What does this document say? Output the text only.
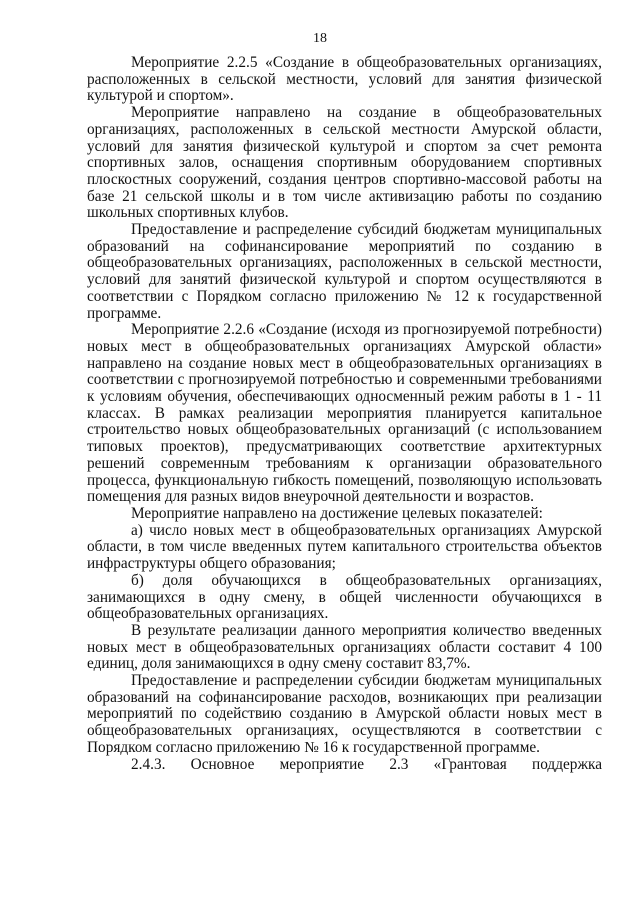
18

Мероприятие 2.2.5 «Создание в общеобразовательных организациях, расположенных в сельской местности, условий для занятия физической культурой и спортом».

Мероприятие направлено на создание в общеобразовательных организациях, расположенных в сельской местности Амурской области, условий для занятия физической культурой и спортом за счет ремонта спортивных залов, оснащения спортивным оборудованием спортивных плоскостных сооружений, создания центров спортивно-массовой работы на базе 21 сельской школы и в том числе активизацию работы по созданию школьных спортивных клубов.

Предоставление и распределение субсидий бюджетам муниципальных образований на софинансирование мероприятий по созданию в общеобразовательных организациях, расположенных в сельской местности, условий для занятий физической культурой и спортом осуществляются в соответствии с Порядком согласно приложению № 12 к государственной программе.

Мероприятие 2.2.6 «Создание (исходя из прогнозируемой потребности) новых мест в общеобразовательных организациях Амурской области» направлено на создание новых мест в общеобразовательных организациях в соответствии с прогнозируемой потребностью и современными требованиями к условиям обучения, обеспечивающих односменный режим работы в 1 - 11 классах. В рамках реализации мероприятия планируется капитальное строительство новых общеобразовательных организаций (с использованием типовых проектов), предусматривающих соответствие архитектурных решений современным требованиям к организации образовательного процесса, функциональную гибкость помещений, позволяющую использовать помещения для разных видов внеурочной деятельности и возрастов.

Мероприятие направлено на достижение целевых показателей:

а) число новых мест в общеобразовательных организациях Амурской области, в том числе введенных путем капитального строительства объектов инфраструктуры общего образования;

б) доля обучающихся в общеобразовательных организациях, занимающихся в одну смену, в общей численности обучающихся в общеобразовательных организациях.

В результате реализации данного мероприятия количество введенных новых мест в общеобразовательных организациях области составит 4 100 единиц, доля занимающихся в одну смену составит 83,7%.

Предоставление и распределении субсидии бюджетам муниципальных образований на софинансирование расходов, возникающих при реализации мероприятий по содействию созданию в Амурской области новых мест в общеобразовательных организациях, осуществляются в соответствии с Порядком согласно приложению № 16 к государственной программе.

2.4.3. Основное мероприятие 2.3 «Грантовая поддержка
